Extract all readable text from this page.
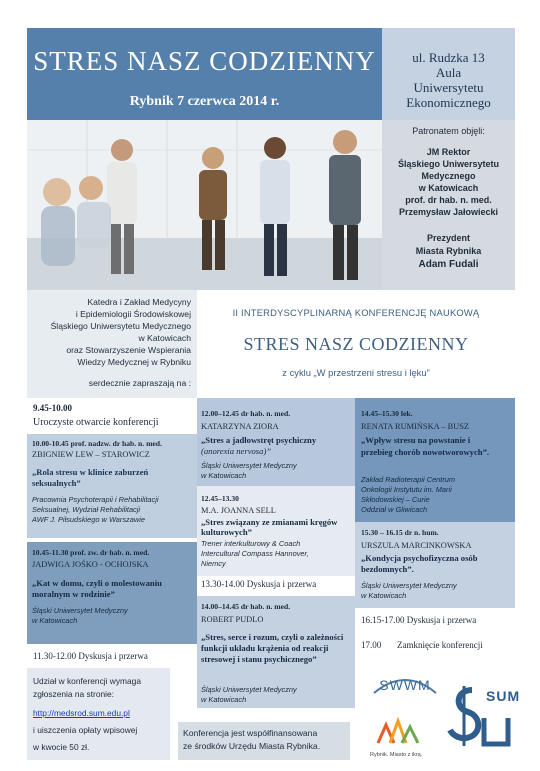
STRES NASZ CODZIENNY
Rybnik 7 czerwca 2014 r.
ul. Rudzka 13
Aula
Uniwersytetu
Ekonomicznego
Patronatem objęli:
JM Rektor
Śląskiego Uniwersytetu
Medycznego
w Katowicach
prof. dr hab. n. med.
Przemysław Jałowiecki
Prezydent
Miasta Rybnika
Adam Fudali
Katedra i Zakład Medycyny
i Epidemiologii Środowiskowej
Śląskiego Uniwersytetu Medycznego
w Katowicach
oraz Stowarzyszenie Wspierania
Wiedzy Medycznej w Rybniku
serdecznie zapraszają na :
II INTERDYSCYPLINARNĄ KONFERENCJĘ NAUKOWĄ
STRES NASZ CODZIENNY
z cyklu „W przestrzeni stresu i lęku”
9.45-10.00
Uroczyste otwarcie konferencji
10.00-10.45 prof. nadzw. dr hab. n. med.
ZBIGNIEW LEW – STAROWICZ
„Rola stresu w klinice zaburzeń seksualnych”
Pracownia Psychoterapii i Rehabilitacji
Seksualnej, Wydział Rehabilitacji
AWF J. Piłsudskiego w Warszawie
10.45-11.30 prof. zw. dr hab. n. med.
JADWIGA JOŚKO - OCHOJSKA
„Kat w domu, czyli o molestowaniu moralnym w rodzinie”
Śląski Uniwersytet Medyczny
w Katowicach
11.30-12.00 Dyskusja i przerwa
12.00–12.45 dr hab. n. med.
KATARZYNA ZIORA
„Stres a jadłowstręt psychiczny
(anorexia nervosa)”
Śląski Uniwersytet Medyczny
w Katowicach
12.45–13.30
M.A. JOANNA SELL
„Stres związany ze zmianami kręgów kulturowych”
Trener interkulturowy & Coach
Intercultural Compass Hannover,
Niemcy
13.30-14.00 Dyskusja i przerwa
14.00–14.45 dr hab. n. med.
ROBERT PUDLO
„Stres, serce i rozum, czyli o zależności funkcji układu krążenia od reakcji stresowej i stanu psychicznego”
Śląski Uniwersytet Medyczny
w Katowicach
14.45–15.30 lek.
RENATA RUMIŃSKA – BUSZ
„Wpływ stresu na powstanie i przebieg chorób nowotworowych”.
Zakład Radioterapii Centrum
Onkologii Instytutu im. Marii
Skłodowskiej – Curie
Oddział w Gliwicach
15.30 – 16.15 dr n. hum.
URSZULA MARCINKOWSKA
„Kondycja psychofizyczna osób bezdomnych”.
Śląski Uniwersytet Medyczny
w Katowicach
16.15-17.00 Dyskusja i przerwa
17.00       Zamknięcie konferencji
Udział w konferencji wymaga
zgłoszenia na stronie:
http://medsrod.sum.edu.pl
i uiszczenia opłaty wpisowej
w kwocie 50 zł.
Konferencja jest współfinansowana
ze środków Urzędu Miasta Rybnika.
SWWM
Rybnik. Miasto z ikrą.
SUM
